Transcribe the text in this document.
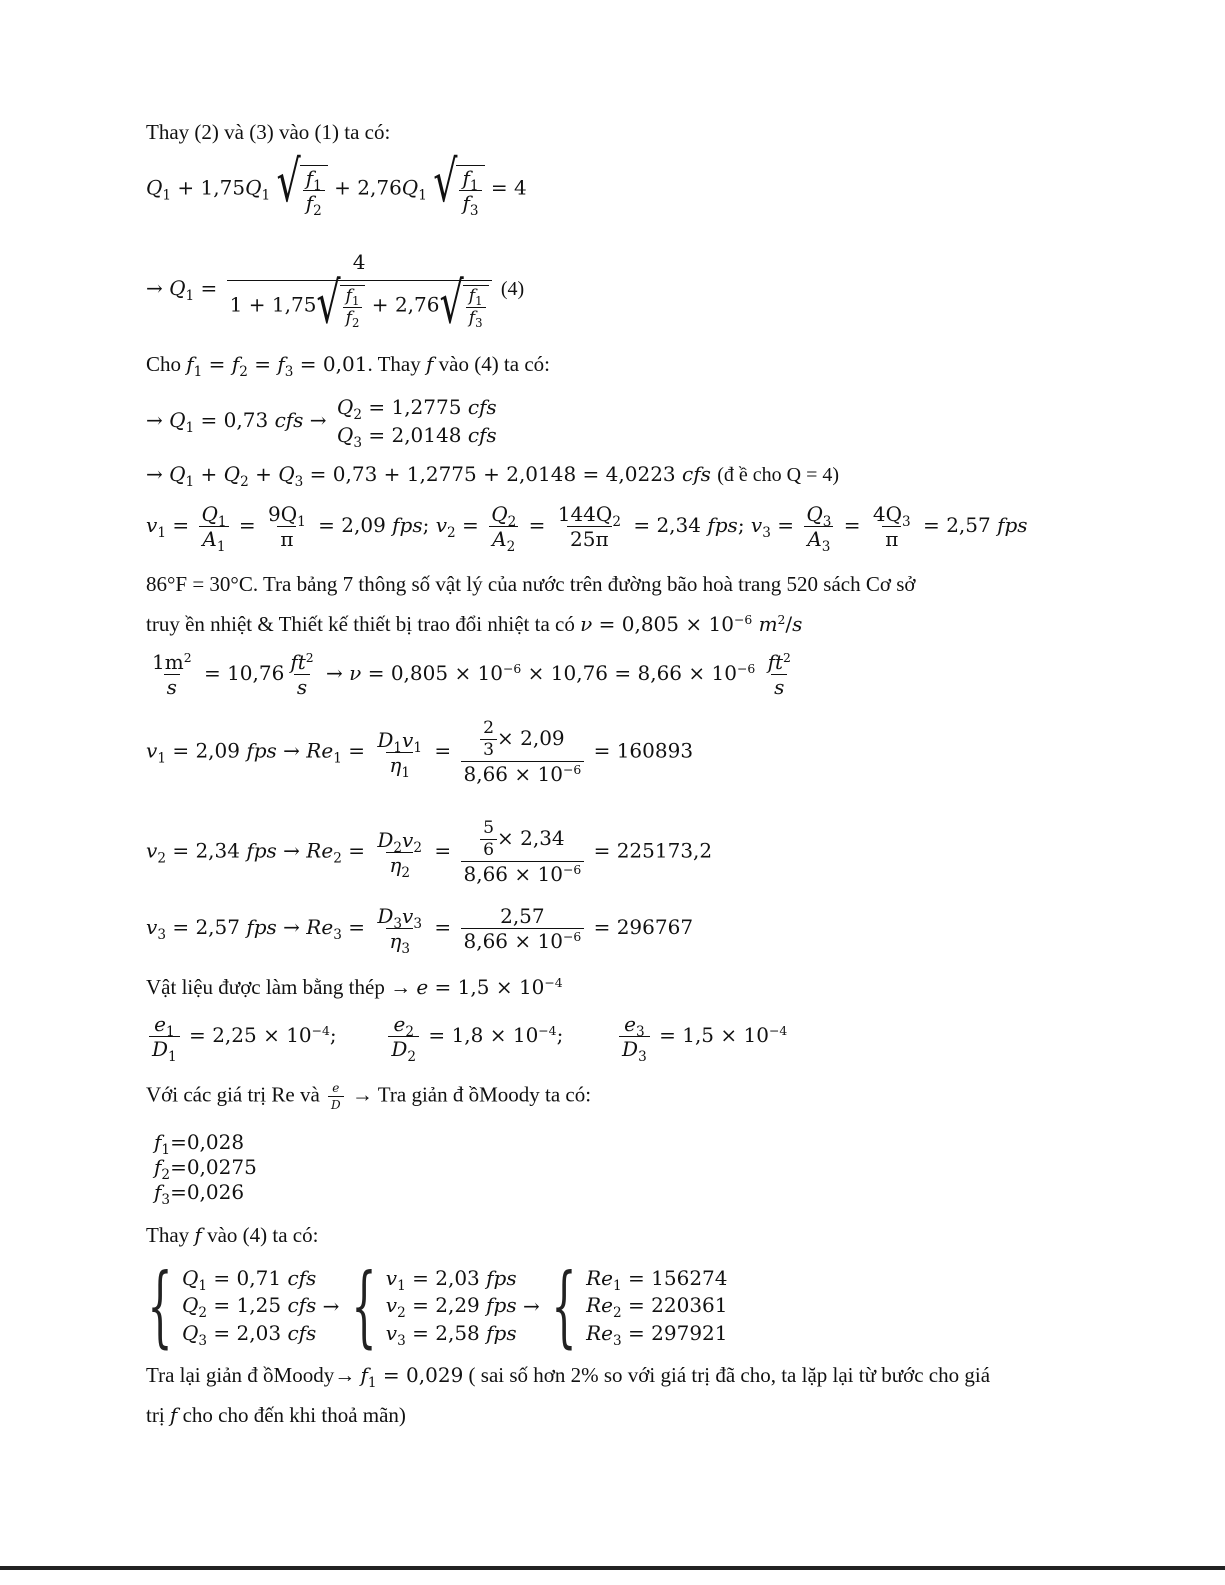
Thay (2) và (3) vào (1) ta có:
$Q_1 + 1,75Q_1$ √ $f_1$
$f_2$
+ $2,76Q_1$ √ $f_1$
$f_3$
= 4
→ $Q_1 = 4$
1 + 1,75 √ $f_1$
$f_2$
+ 2,76 √ $f_1$
$f_3$ (4)
Cho $f_1 = f_2 = f_3 = 0,01$. Thay f vào (4) ta có:
→ $Q_1 = 0,73$ cfs →
$Q_2 = 1,2775$ cfs
$Q_3 = 2,0148$ cfs
→ $Q_1 + Q_2 + Q_3 = 0,73 + 1,2775 + 2,0148 = 4,0223$ cfs (đ ề cho Q = 4)
$v_1 = \frac{Q_1}{A_1} = \frac{9Q_1}{\pi} = 2,09$ fps; $v_2 = \frac{Q_2}{A_2} = \frac{144Q_2}{25\pi} = 2,34$ fps; $v_3 = \frac{Q_3}{A_3} = \frac{4Q_3}{\pi} = 2,57$ fps
86°F = 30°C. Tra bảng 7 thông số vật lý của nước trên đường bão hoà trang 520 sách Cơ sở
truy ền nhiệt & Thiết kế thiết bị trao đổi nhiệt ta có $\nu = 0,805 \times 10^{-6}$ $m^2/s$
$\frac{1m^2}{s} = 10,76 \frac{ft^2}{s} \to \nu = 0,805 \times 10^{-6} \times 10,76 = 8,66 \times 10^{-6} \frac{ft^2}{s}$
$v_1 = 2,09$ fps → $Re_1 = \frac{D_1v_1}{\eta_1} = \frac{\frac{2}{3} \times 2,09}{8,66 \times 10^{-6}} = 160893$
$v_2 = 2,34$ fps → $Re_2 = \frac{D_2v_2}{\eta_2} = \frac{\frac{5}{6} \times 2,34}{8,66 \times 10^{-6}} = 225173,2$
$v_3 = 2,57$ fps → $Re_3 = \frac{D_3v_3}{\eta_3} = \frac{2,57}{8,66 \times 10^{-6}} = 296767$
Vật liệu được làm bằng thép → $e = 1,5 \times 10^{-4}$
$\frac{e_1}{D_1} = 2,25 \times 10^{-4}$; $\frac{e_2}{D_2} = 1,8 \times 10^{-4}$; $\frac{e_3}{D_3} = 1,5 \times 10^{-4}$
Với các giá trị Re và $\frac{e}{D}$ → Tra giản đ ồMoody ta có:
$f_1=0,028$
$f_2=0,0275$
$f_3=0,026$
Thay f vào (4) ta có:
{ $Q_1 = 0,71$ cfs
$Q_2 = 1,25$ cfs
$Q_3 = 2,03$ cfs
→ { $v_1 = 2,03$ fps
$v_2 = 2,29$ fps
$v_3 = 2,58$ fps
→ { $Re_1 = 156274$
$Re_2 = 220361$
$Re_3 = 297921$
Tra lại giản đ ồMoody→ $f_1 = 0,029$ ( sai số hơn 2% so với giá trị đã cho, ta lặp lại từ bước cho giá
trị f cho cho đến khi thoả mãn)
